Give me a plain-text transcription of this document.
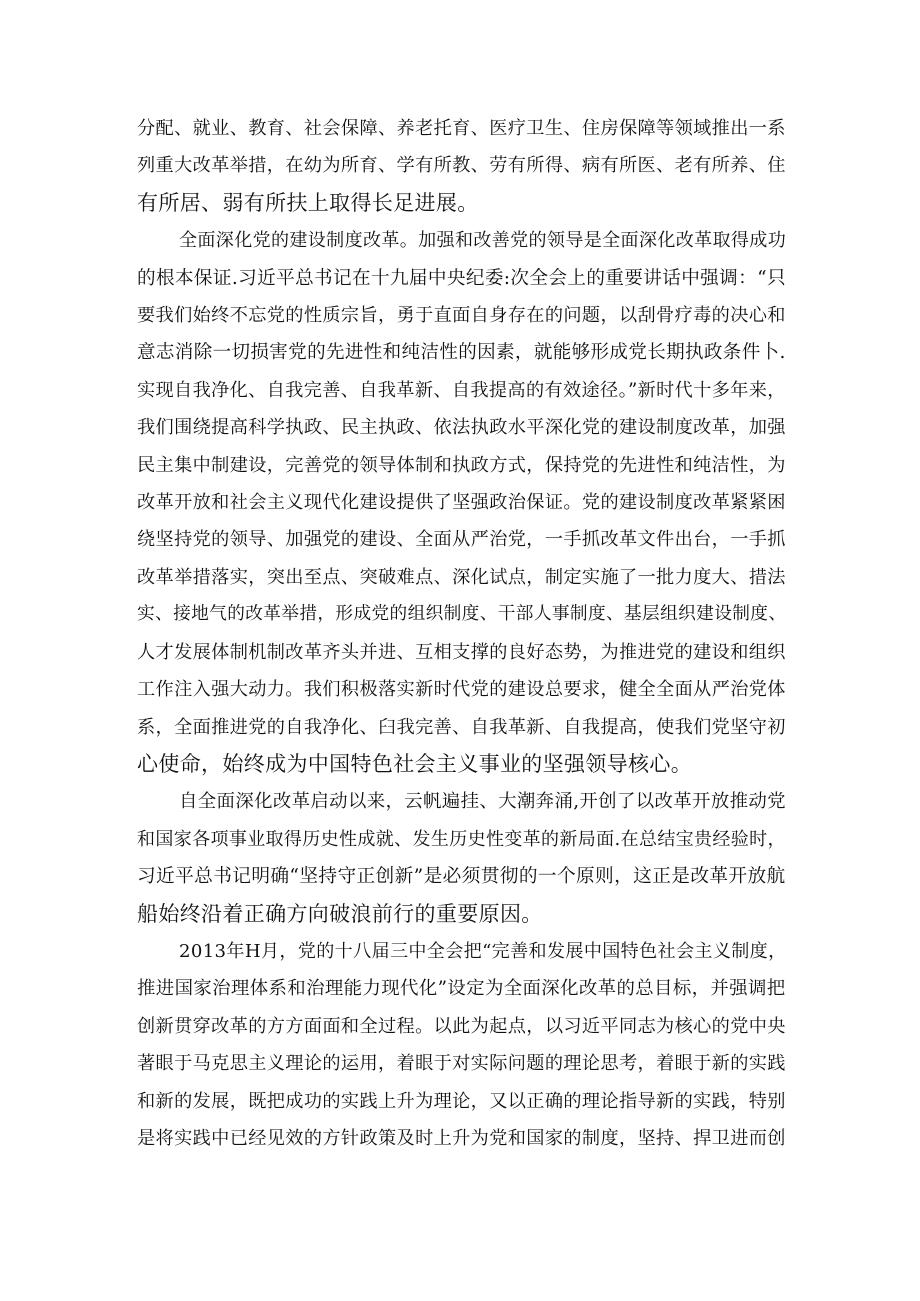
分配、就业、教育、社会保障、养老托育、医疗卫生、住房保障等领域推出一系
列重大改革举措，在幼为所育、学有所教、劳有所得、病有所医、老有所养、住
有所居、弱有所扶上取得长足进展。
全面深化党的建设制度改革。加强和改善党的领导是全面深化改革取得成功
的根本保证.习近平总书记在十九届中央纪委:次全会上的重要讲话中强调：“只
要我们始终不忘党的性质宗旨，勇于直面自身存在的问题，以刮骨疗毒的决心和
意志消除一切损害党的先进性和纯洁性的因素，就能够形成党长期执政条件卜.
实现自我净化、自我完善、自我革新、自我提高的有效途径。”新时代十多年来，
我们围绕提高科学执政、民主执政、依法执政水平深化党的建设制度改革，加强
民主集中制建设，完善党的领导体制和执政方式，保持党的先进性和纯洁性，为
改革开放和社会主义现代化建设提供了坚强政治保证。党的建设制度改革紧紧困
绕坚持党的领导、加强党的建设、全面从严治党，一手抓改革文件出台，一手抓
改革举措落实，突出至点、突破难点、深化试点，制定实施了一批力度大、措法
实、接地气的改革举措，形成党的组织制度、干部人事制度、基层组织建设制度、
人才发展体制机制改革齐头并进、互相支撑的良好态势，为推进党的建设和组织
工作注入强大动力。我们积极落实新时代党的建设总要求，健全全面从严治党体
系，全面推进党的自我净化、臼我完善、自我革新、自我提高，使我们党坚守初
心使命，始终成为中国特色社会主义事业的坚强领导核心。
自全面深化改革启动以来，云帆遍挂、大潮奔涌,开创了以改革开放推动党
和国家各项事业取得历史性成就、发生历史性变革的新局面.在总结宝贵经验时，
习近平总书记明确“坚持守正创新”是必须贯彻的一个原则，这正是改革开放航
船始终沿着正确方向破浪前行的重要原因。
2013年H月，党的十八届三中全会把“完善和发展中国特色社会主义制度，
推进国家治理体系和治理能力现代化”设定为全面深化改革的总目标，并强调把
创新贯穿改革的方方面面和全过程。以此为起点，以习近平同志为核心的党中央
著眼于马克思主义理论的运用，着眼于对实际问题的理论思考，着眼于新的实践
和新的发展，既把成功的实践上升为理论，又以正确的理论指导新的实践，特别
是将实践中已经见效的方针政策及时上升为党和国家的制度，坚持、捍卫进而创
